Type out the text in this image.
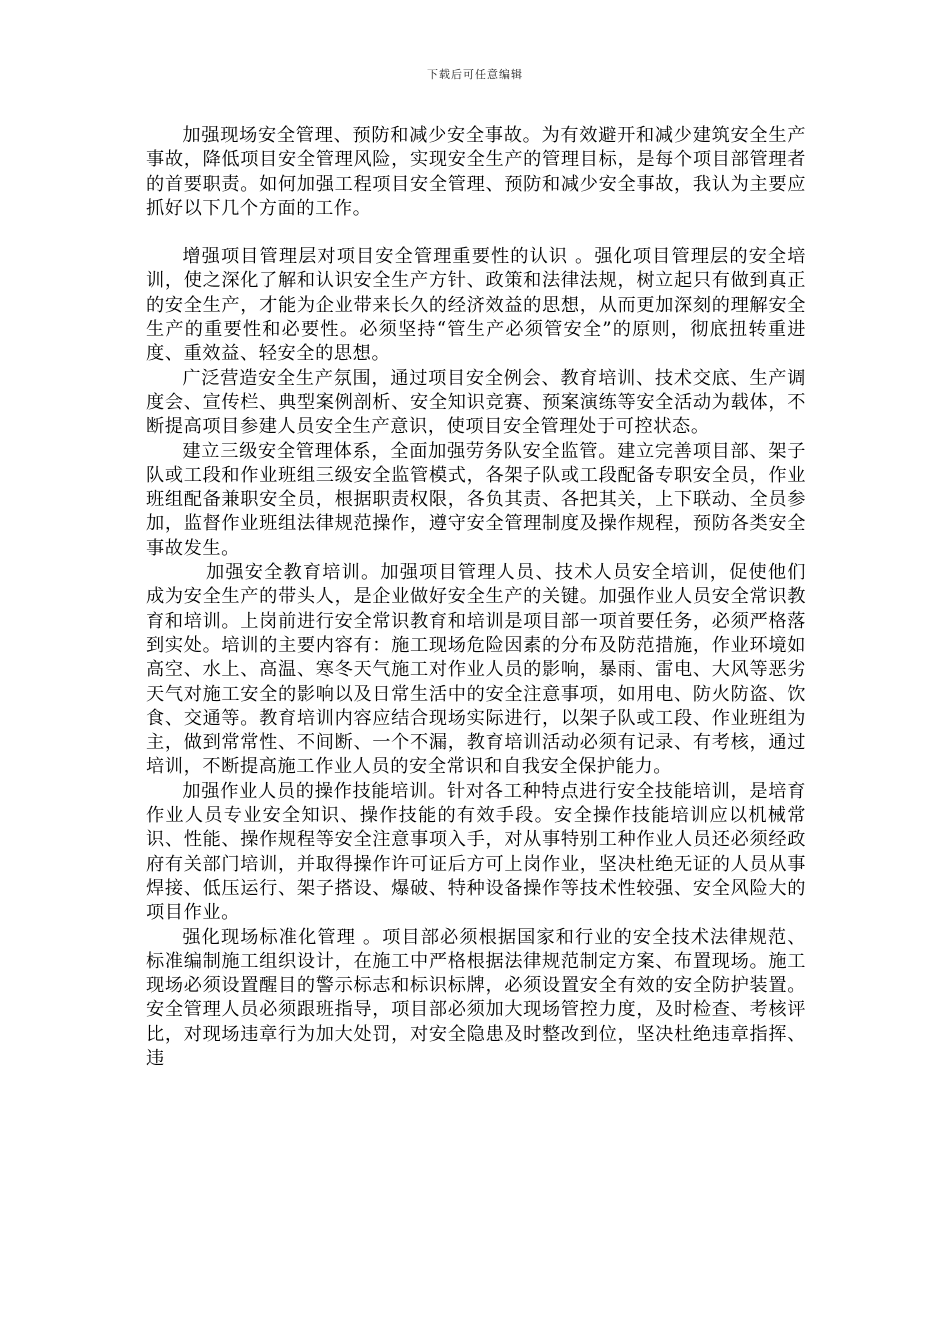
下载后可任意编辑

加强现场安全管理、预防和减少安全事故。为有效避开和减少建筑安全生产事故，降低项目安全管理风险，实现安全生产的管理目标，是每个项目部管理者的首要职责。如何加强工程项目安全管理、预防和减少安全事故，我认为主要应抓好以下几个方面的工作。

增强项目管理层对项目安全管理重要性的认识 。强化项目管理层的安全培训，使之深化了解和认识安全生产方针、政策和法律法规，树立起只有做到真正的安全生产，才能为企业带来长久的经济效益的思想，从而更加深刻的理解安全生产的重要性和必要性。必须坚持“管生产必须管安全”的原则，彻底扭转重进度、重效益、轻安全的思想。

广泛营造安全生产氛围，通过项目安全例会、教育培训、技术交底、生产调度会、宣传栏、典型案例剖析、安全知识竞赛、预案演练等安全活动为载体，不断提高项目参建人员安全生产意识，使项目安全管理处于可控状态。

建立三级安全管理体系，全面加强劳务队安全监管。建立完善项目部、架子队或工段和作业班组三级安全监管模式，各架子队或工段配备专职安全员，作业班组配备兼职安全员，根据职责权限，各负其责、各把其关，上下联动、全员参加，监督作业班组法律规范操作，遵守安全管理制度及操作规程，预防各类安全事故发生。

加强安全教育培训。加强项目管理人员、技术人员安全培训，促使他们成为安全生产的带头人，是企业做好安全生产的关键。加强作业人员安全常识教育和培训。上岗前进行安全常识教育和培训是项目部一项首要任务，必须严格落到实处。培训的主要内容有：施工现场危险因素的分布及防范措施，作业环境如高空、水上、高温、寒冬天气施工对作业人员的影响，暴雨、雷电、大风等恶劣天气对施工安全的影响以及日常生活中的安全注意事项，如用电、防火防盗、饮食、交通等。教育培训内容应结合现场实际进行，以架子队或工段、作业班组为主，做到常常性、不间断、一个不漏，教育培训活动必须有记录、有考核，通过培训，不断提高施工作业人员的安全常识和自我安全保护能力。

加强作业人员的操作技能培训。针对各工种特点进行安全技能培训，是培育作业人员专业安全知识、操作技能的有效手段。安全操作技能培训应以机械常识、性能、操作规程等安全注意事项入手，对从事特别工种作业人员还必须经政府有关部门培训，并取得操作许可证后方可上岗作业，坚决杜绝无证的人员从事焊接、低压运行、架子搭设、爆破、特种设备操作等技术性较强、安全风险大的项目作业。

强化现场标准化管理 。项目部必须根据国家和行业的安全技术法律规范、标准编制施工组织设计，在施工中严格根据法律规范制定方案、布置现场。施工现场必须设置醒目的警示标志和标识标牌，必须设置安全有效的安全防护装置。安全管理人员必须跟班指导，项目部必须加大现场管控力度，及时检查、考核评比，对现场违章行为加大处罚，对安全隐患及时整改到位，坚决杜绝违章指挥、违
